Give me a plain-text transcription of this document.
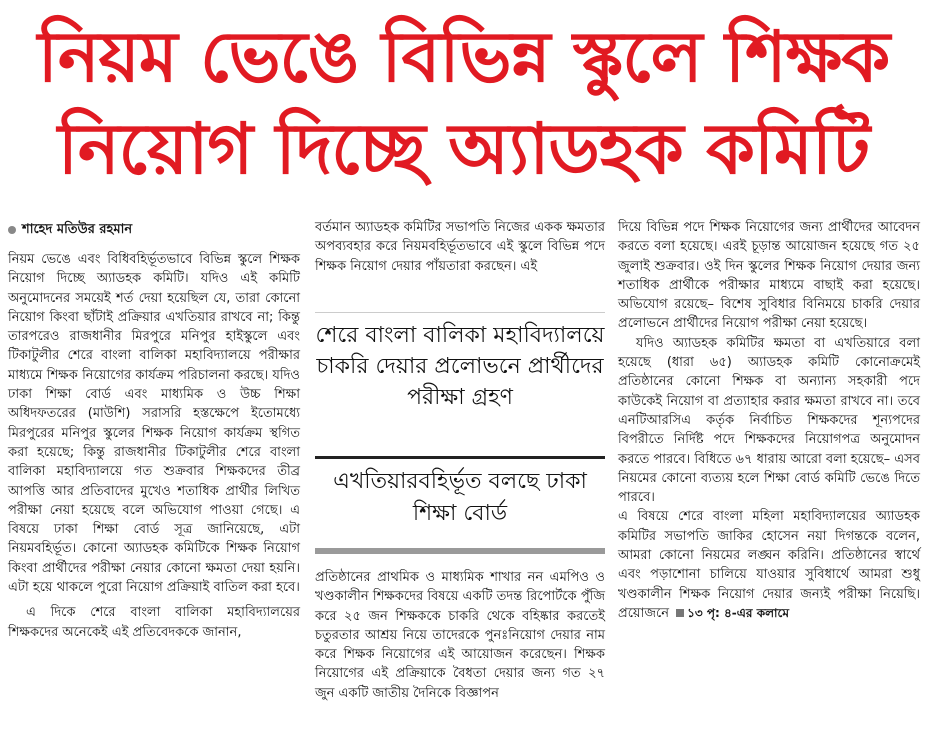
নিয়ম ভেঙে বিভিন্ন স্কুলে শিক্ষক
নিয়োগ দিচ্ছে অ্যাডহক কমিটি
শাহেদ মতিউর রহমান

নিয়ম ভেঙে এবং বিধিবহির্ভূতভাবে বিভিন্ন স্কুলে শিক্ষক নিয়োগ দিচ্ছে অ্যাডহক কমিটি। যদিও এই কমিটি অনুমোদনের সময়েই শর্ত দেয়া হয়েছিল যে, তারা কোনো নিয়োগ কিংবা ছাঁটাই প্রক্রিয়ার এখতিয়ার রাখবে না; কিন্তু তারপরেও রাজধানীর মিরপুরে মনিপুর হাইস্কুলে এবং টিকাটুলীর শেরে বাংলা বালিকা মহাবিদ্যালয়ে পরীক্ষার মাধ্যমে শিক্ষক নিয়োগের কার্যক্রম পরিচালনা করছে। যদিও ঢাকা শিক্ষা বোর্ড এবং মাধ্যমিক ও উচ্চ শিক্ষা অধিদফতরের (মাউশি) সরাসরি হস্তক্ষেপে ইতোমধ্যে মিরপুরের মনিপুর স্কুলের শিক্ষক নিয়োগ কার্যক্রম স্থগিত করা হয়েছে; কিন্তু রাজধানীর টিকাটুলীর শেরে বাংলা বালিকা মহাবিদ্যালয়ে গত শুক্রবার শিক্ষকদের তীব্র আপত্তি আর প্রতিবাদের মুখেও শতাধিক প্রার্থীর লিখিত পরীক্ষা নেয়া হয়েছে বলে অভিযোগ পাওয়া গেছে। এ বিষয়ে ঢাকা শিক্ষা বোর্ড সূত্র জানিয়েছে, এটা নিয়মবহির্ভূত। কোনো অ্যাডহক কমিটিকে শিক্ষক নিয়োগ কিংবা প্রার্থীদের পরীক্ষা নেয়ার কোনো ক্ষমতা দেয়া হয়নি। এটা হয়ে থাকলে পুরো নিয়োগ প্রক্রিয়াই বাতিল করা হবে।

এ দিকে শেরে বাংলা বালিকা মহাবিদ্যালয়ের শিক্ষকদের অনেকেই এই প্রতিবেদককে জানান,

বর্তমান অ্যাডহক কমিটির সভাপতি নিজের একক ক্ষমতার অপব্যবহার করে নিয়মবহির্ভূতভাবে এই স্কুলে বিভিন্ন পদে শিক্ষক নিয়োগ দেয়ার পাঁয়তারা করছেন। এই

শেরে বাংলা বালিকা মহাবিদ্যালয়ে চাকরি দেয়ার প্রলোভনে প্রার্থীদের পরীক্ষা গ্রহণ
এখতিয়ারবহির্ভূত বলছে ঢাকা শিক্ষা বোর্ড

প্রতিষ্ঠানের প্রাথমিক ও মাধ্যমিক শাখার নন এমপিও ও খণ্ডকালীন শিক্ষকদের বিষয়ে একটি তদন্ত রিপোর্টকে পুঁজি করে ২৫ জন শিক্ষককে চাকরি থেকে বহিষ্কার করতেই চতুরতার আশ্রয় নিয়ে তাদেরকে পুনঃনিয়োগ দেয়ার নাম করে শিক্ষক নিয়োগের এই আয়োজন করেছেন। শিক্ষক নিয়োগের এই প্রক্রিয়াকে বৈধতা দেয়ার জন্য গত ২৭ জুন একটি জাতীয় দৈনিকে বিজ্ঞাপন

দিয়ে বিভিন্ন পদে শিক্ষক নিয়োগের জন্য প্রার্থীদের আবেদন করতে বলা হয়েছে। এরই চূড়ান্ত আয়োজন হয়েছে গত ২৫ জুলাই শুক্রবার। ওই দিন স্কুলের শিক্ষক নিয়োগ দেয়ার জন্য শতাধিক প্রার্থীকে পরীক্ষার মাধ্যমে বাছাই করা হয়েছে। অভিযোগ রয়েছে– বিশেষ সুবিধার বিনিময়ে চাকরি দেয়ার প্রলোভনে প্রার্থীদের নিয়োগ পরীক্ষা নেয়া হয়েছে।

যদিও অ্যাডহক কমিটির ক্ষমতা বা এখতিয়ারে বলা হয়েছে (ধারা ৬৫) অ্যাডহক কমিটি কোনোক্রমেই প্রতিষ্ঠানের কোনো শিক্ষক বা অন্যান্য সহকারী পদে কাউকেই নিয়োগ বা প্রত্যাহার করার ক্ষমতা রাখবে না। তবে এনটিআরসিএ কর্তৃক নির্বাচিত শিক্ষকদের শূন্যপদের বিপরীতে নির্দিষ্ট পদে শিক্ষকদের নিয়োগপত্র অনুমোদন করতে পারবে। বিধিতে ৬৭ ধারায় আরো বলা হয়েছে– এসব নিয়মের কোনো ব্যত্যয় হলে শিক্ষা বোর্ড কমিটি ভেঙে দিতে পারবে।

এ বিষয়ে শেরে বাংলা মহিলা মহাবিদ্যালয়ের অ্যাডহক কমিটির সভাপতি জাকির হোসেন নয়া দিগন্তকে বলেন, আমরা কোনো নিয়মের লঙ্ঘন করিনি। প্রতিষ্ঠানের স্বার্থে এবং পড়াশোনা চালিয়ে যাওয়ার সুবিধার্থে আমরা শুধু খণ্ডকালীন শিক্ষক নিয়োগ দেয়ার জন্যই পরীক্ষা নিয়েছি। প্রয়োজনে ১৩ পৃ: ৪-এর কলামে
